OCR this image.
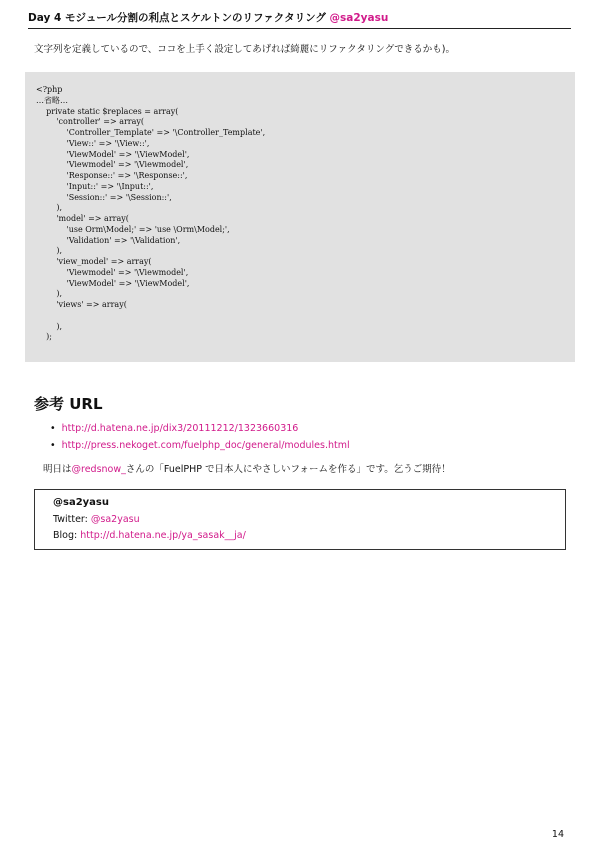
Day 4 モジュール分割の利点とスケルトンのリファクタリング @sa2yasu
文字列を定義しているので、ココを上手く設定してあげれば綺麗にリファクタリングできるかも)。
<?php
…省略…
private static $replaces = array(
'controller' => array(
'Controller_Template' => '\Controller_Template',
'View::' => '\View::',
'ViewModel' => '\ViewModel',
'Viewmodel' => '\Viewmodel',
'Response::' => '\Response::',
'Input::' => '\Input::',
'Session::' => '\Session::',
),
'model' => array(
'use Orm\Model;' => 'use \Orm\Model;',
'Validation' => '\Validation',
),
'view_model' => array(
'Viewmodel' => '\Viewmodel',
'ViewModel' => '\ViewModel',
),
'views' => array(

),
);
参考 URL
• http://d.hatena.ne.jp/dix3/20111212/1323660316
• http://press.nekoget.com/fuelphp_doc/general/modules.html
明日は@redsnow_さんの「FuelPHP で日本人にやさしいフォームを作る」です。乞うご期待！
@sa2yasu
Twitter: @sa2yasu
Blog: http://d.hatena.ne.jp/ya_sasak__ja/
14
